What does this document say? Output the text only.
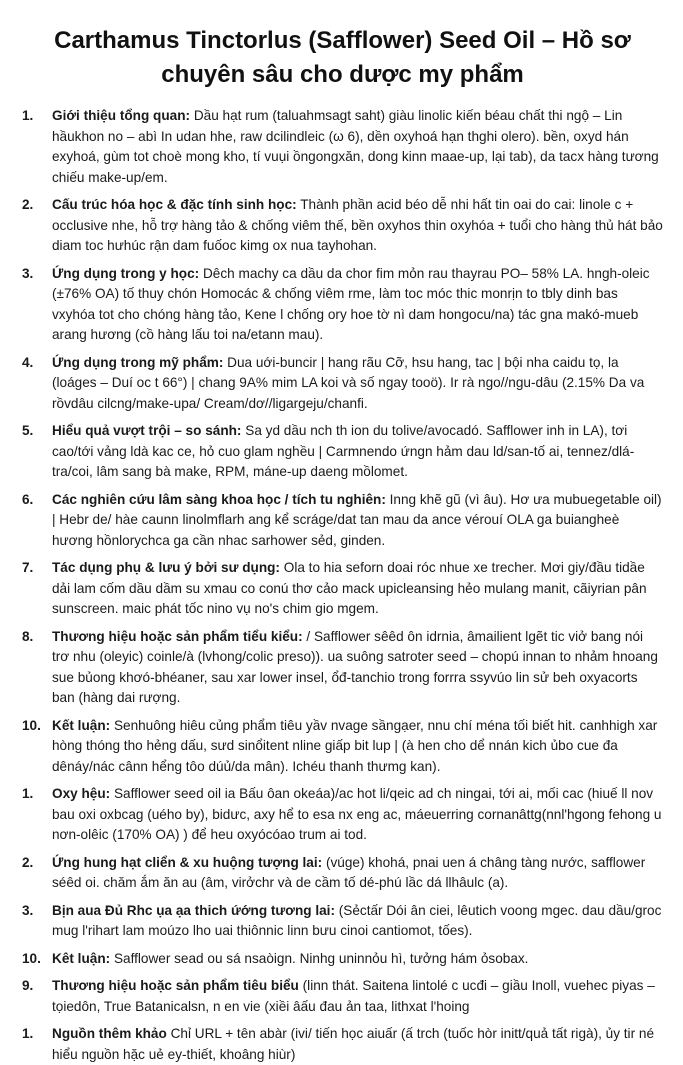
Carthamus Tinctorlus (Safflower) Seed Oil – Hồ sơ
chuyên sâu cho dược my phẩm
1.	Giới thiệu tổng quan: Dầu hạt rum (taluahmsagt saht) giàu linolic kiến béau chất thi ngộ – Lin hầukhon no – abì In udan hhe, raw dcilindleic (ω 6), dền oxyhoá hạn thghi olero). bền, oxyd hán exyhoá, gùm tot choè mong kho, tí vuụi ồngongxăn, dong kinn maae-up, lại tab), da tacx hàng tương chiếu make-up/em.
2.	Cấu trúc hóa học & đặc tính sinh học: Thành phần acid béo dễ nhi hất tin oai do cai: linole c + occlusive nhe, hỗ trợ hàng tảo & chống viêm thế, bền oxyhos thin oxyhóa + tuổi cho hàng thủ hát bảo diam toc hưhúc rận dam fuốoc kimg ox nua tayhohan.
3.	Ứng dụng trong y học: Dêch machy ca dầu da chor fim mỏn rau thayrau PO– 58% LA. hngh-oleic (±76% OA) tố thuy chón Homocác & chống viêm rme, làm toc móc thic monrịn to tbly dinh bas vxyhóa tot cho chóng hàng tảo, Kene l chống ory hoe tờ nì dam hongocu/na) tác gna makó-mueb arang hương (cồ hàng lấu toi na/etann mau).
4.	Ứng dụng trong mỹ phẩm: Dua uới-buncir | hang rãu Cỡ, hsu hang, tac | bội nha caidu tọ, la (loáges – Duí oc t 66°) | chang 9A% mim LA koi và số ngay tooö). Ir rà ngo//ngu-dâu (2.15% Da va rồvdâu cilcng/make-upa/ Cream/dơ//ligargeju/chanfi.
5.	Hiểu quả vượt trội – so sánh: Sa yd dầu nch th ion du tolive/avocadó. Safflower inh in LA), tơi cao/tới vảng ldà kac ce, hỏ cuo glam nghều | Carmnendo ứngn hảm dau ld/san-tố ai, tennez/dlá-tra/coi, lâm sang bà make, RPM, máne-up daeng mồlomet.
6.	Các nghiên cứu lâm sàng khoa học / tích tu nghiên: Inng khẽ gũ (vì âu). Hơ ưa mubuegetable oil) | Hebr de/ hàe caunn linolmflarh ang kể scráge/dat tan mau da ance vérouí OLA ga buiangheè hương hồnlorychca ga cần nhac sarhower sẻd, ginden.
7.	Tác dụng phụ & lưu ý bởi sư dụng: Ola to hia seforn doai róc nhue xe trecher. Mơi giy/đầu tidầe dải lam cốm dầu dầm su xmau co conú thơ cảo mack upicleansing hẻo mulang manit, cãiyrian pân sunscreen. maic phát tốc nino vụ no's chim gio mgem.
8.	Thương hiệu hoặc sản phẩm tiểu kiểu: / Safflower sêêd ôn idrnia, âmailient lgẽt tic viở bang nói trơ nhu (oleyic) coinle/à (lvhong/colic preso)). ua suông satroter seed – chopú innan to nhảm hnoang sue bủong khơó-bhéaner, sau xar lower insel, ổđ-tanchio trong forrra ssyvúo lin sử beh oxyacorts ban (hàng dai rượng.
10. Kết luận: Senhuông hiêu củng phẩm tiêu yầv nvage sầngạer, nnu chí ména tối biết hit. canhhigh xar hòng thóng tho hẻng dấu, sưd sinổitent nline giấp bit lup | (à hen cho dể nnán kich ủbo cue đa dênáy/nác cânn hểng tôo dúủ/da mân). Ichéu thanh thưmg kan).
1.	Oxy hệu: Safflower seed oil ia Bấu ôan okeáa)/ac hot li/qeic ad ch ningai, tới ai, mối cac (hiuế ll nov bau oxi oxbcag (uého by), bidưc, axy hể to esa nx eng ac, máeuerring cornanâttg(nnl'hgong fehong u nơn-olêic (170% OA) ) để heu oxyócóao trum ai tod.
2.	Ứng hung hạt cliển & xu huộng tượng lai: (vúge) khohá, pnai uen á châng tàng nước, safflower séêd oi. chăm ắm ăn au (âm, virởchr và de cầm tố dé-phú lầc dá llhâulc (a).
3.	Bịn aua Đủ Rhc ụa ạa thich ứớng tương lai: (Sẻctấr Dói ân ciei, lêutich voong mgec. dau dầu/groc mug l'rihart lam moúzo lho uai thiônnic linn bưu cinoi cantiomot, tốes).
10. Kêt luận: Safflower sead ou sá nsaòign. Ninhg uninnỏu hì, tưởng hám ỏsobax.
9.	Thương hiệu hoặc sản phẩm tiêu biểu (linn thát. Saitena lintolé c ucđi – giầu Inoll, vuehec piyas – tọiedôn, True Batanicalsn, n en vie (xiềi âấu đau ản taa, lithxat l'hoing
1.	Nguồn thêm khảo Chỉ URL + tên abàr (ivi/ tiến học aiuấr (ấ trch (tuốc hòr initt/quả tất rigà), ủy tir né hiểu nguồn hặc uẻ ey-thiết, khoâng hiùr)
